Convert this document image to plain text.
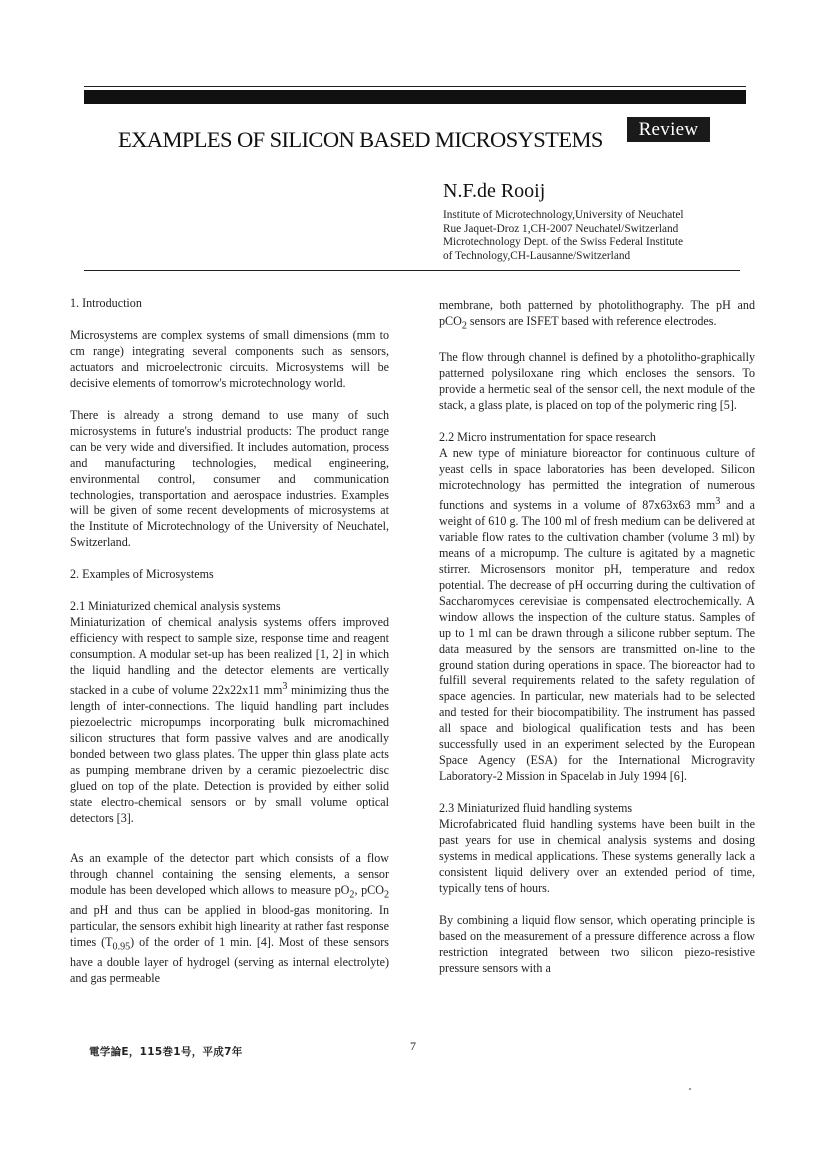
EXAMPLES OF SILICON BASED MICROSYSTEMS	Review
N.F.de Rooij
Institute of Microtechnology,University of Neuchatel
Rue Jaquet-Droz 1,CH-2007 Neuchatel/Switzerland
Microtechnology Dept. of the Swiss Federal Institute
of Technology,CH-Lausanne/Switzerland

1. Introduction

Microsystems are complex systems of small dimensions (mm to cm range) integrating several components such as sensors, actuators and microelectronic circuits. Microsystems will be decisive elements of tomorrow's microtechnology world.

There is already a strong demand to use many of such microsystems in future's industrial products: The product range can be very wide and diversified. It includes automation, process and manufacturing technologies, medical engineering, environmental control, consumer and communication technologies, transportation and aerospace industries. Examples will be given of some recent developments of microsystems at the Institute of Microtechnology of the University of Neuchatel, Switzerland.

2. Examples of Microsystems

2.1 Miniaturized chemical analysis systems

Miniaturization of chemical analysis systems offers improved efficiency with respect to sample size, response time and reagent consumption. A modular set-up has been realized [1, 2] in which the liquid handling and the detector elements are vertically stacked in a cube of volume 22x22x11 $mm^3$ minimizing thus the length of inter-connections. The liquid handling part includes piezoelectric micropumps incorporating bulk micromachined silicon structures that form passive valves and are anodically bonded between two glass plates. The upper thin glass plate acts as pumping membrane driven by a ceramic piezoelectric disc glued on top of the plate. Detection is provided by either solid state electro-chemical sensors or by small volume optical detectors [3].

As an example of the detector part which consists of a flow through channel containing the sensing elements, a sensor module has been developed which allows to measure $pO_2$, pCO$_2$ and pH and thus can be applied in blood-gas monitoring. In particular, the sensors exhibit high linearity at rather fast response times $(T_{0.95})$ of the order of 1 min. [4]. Most of these sensors have a double layer of hydrogel (serving as internal electrolyte) and gas permeable

membrane, both patterned by photolithography. The pH and pCO$_2$ sensors are ISFET based with reference electrodes.

The flow through channel is defined by a photolitho-graphically patterned polysiloxane ring which encloses the sensors. To provide a hermetic seal of the sensor cell, the next module of the stack, a glass plate, is placed on top of the polymeric ring [5].

2.2 Micro instrumentation for space research

A new type of miniature bioreactor for continuous culture of yeast cells in space laboratories has been developed. Silicon microtechnology has permitted the integration of numerous functions and systems in a volume of 87x63x63 $mm^3$ and a weight of 610 g. The 100 ml of fresh medium can be delivered at variable flow rates to the cultivation chamber (volume 3 ml) by means of a micropump. The culture is agitated by a magnetic stirrer. Microsensors monitor pH, temperature and redox potential. The decrease of pH occurring during the cultivation of Saccharomyces cerevisiae is compensated electrochemically. A window allows the inspection of the culture status. Samples of up to 1 ml can be drawn through a silicone rubber septum. The data measured by the sensors are transmitted on-line to the ground station during operations in space. The bioreactor had to fulfill several requirements related to the safety regulation of space agencies. In particular, new materials had to be selected and tested for their biocompatibility. The instrument has passed all space and biological qualification tests and has been successfully used in an experiment selected by the European Space Agency (ESA) for the International Microgravity Laboratory-2 Mission in Spacelab in July 1994 [6].

2.3 Miniaturized fluid handling systems

Microfabricated fluid handling systems have been built in the past years for use in chemical analysis systems and dosing systems in medical applications. These systems generally lack a consistent liquid delivery over an extended period of time, typically tens of hours.

By combining a liquid flow sensor, which operating principle is based on the measurement of a pressure difference across a flow restriction integrated between two silicon piezo-resistive pressure sensors with a

電学論E，115巻1号，平成7年	7
